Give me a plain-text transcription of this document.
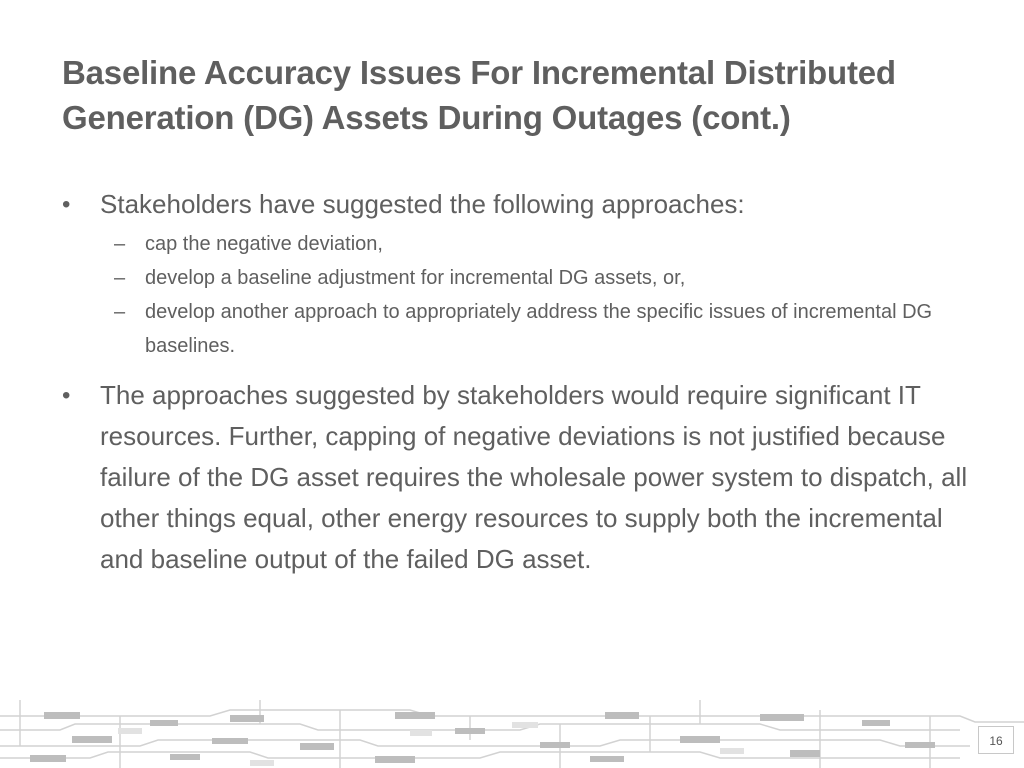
Baseline Accuracy Issues For Incremental Distributed Generation (DG) Assets During Outages (cont.)

• Stakeholders have suggested the following approaches:

– cap the negative deviation,

– develop a baseline adjustment for incremental DG assets, or,

– develop another approach to appropriately address the specific issues of incremental DG baselines.

• The approaches suggested by stakeholders would require significant IT resources. Further, capping of negative deviations is not justified because failure of the DG asset requires the wholesale power system to dispatch, all other things equal, other energy resources to supply both the incremental and baseline output of the failed DG asset.

16
